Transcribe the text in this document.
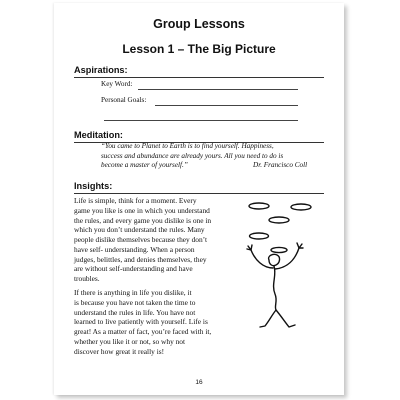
Group Lessons
Lesson 1 – The Big Picture
Aspirations:
Key Word:
Personal Goals:
Meditation:
“You came to Planet to Earth is to find yourself. Happiness,
success and abundance are already yours. All you need to do is
become a master of yourself.”	Dr. Francisco Coll
Insights:
Life is simple, think for a moment. Every
game you like is one in which you understand
the rules, and every game you dislike is one in
which you don’t understand the rules. Many
people dislike themselves because they don’t
have self- understanding. When a person
judges, belittles, and denies themselves, they
are without self-understanding and have
troubles.
If there is anything in life you dislike, it
is because you have not taken the time to
understand the rules in life. You have not
learned to live patiently with yourself. Life is
great! As a matter of fact, you’re faced with it,
whether you like it or not, so why not
discover how great it really is!
16
